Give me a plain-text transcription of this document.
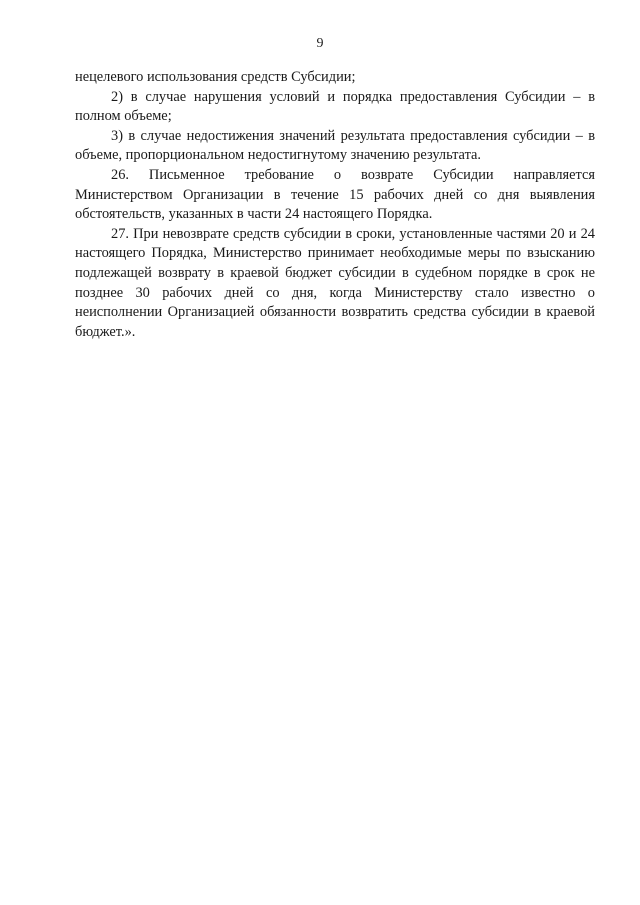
9

нецелевого использования средств Субсидии;

2) в случае нарушения условий и порядка предоставления Субсидии – в полном объеме;

3) в случае недостижения значений результата предоставления субсидии – в объеме, пропорциональном недостигнутому значению результата.

26. Письменное требование о возврате Субсидии направляется Министерством Организации в течение 15 рабочих дней со дня выявления обстоятельств, указанных в части 24 настоящего Порядка.

27. При невозврате средств субсидии в сроки, установленные частями 20 и 24 настоящего Порядка, Министерство принимает необходимые меры по взысканию подлежащей возврату в краевой бюджет субсидии в судебном порядке в срок не позднее 30 рабочих дней со дня, когда Министерству стало известно о неисполнении Организацией обязанности возвратить средства субсидии в краевой бюджет.».
